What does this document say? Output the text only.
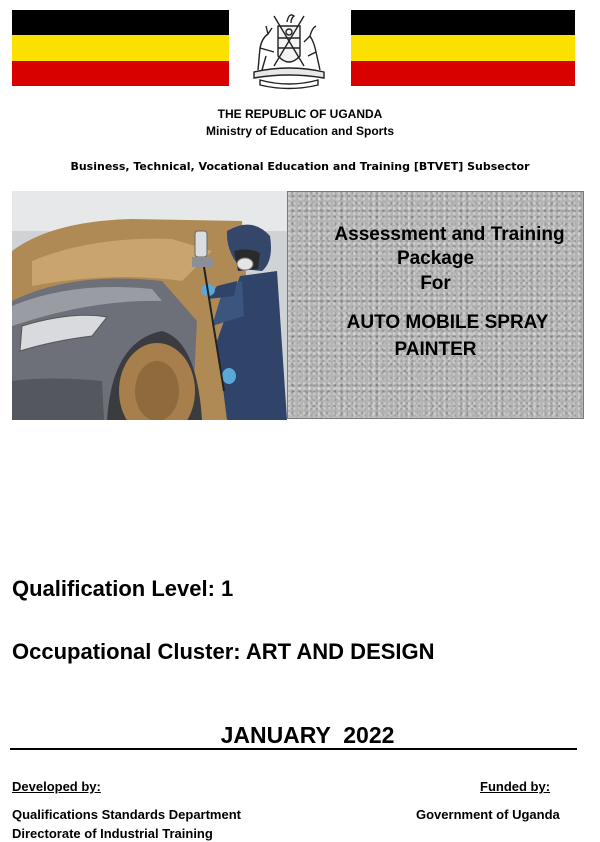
THE REPUBLIC OF UGANDA
Ministry of Education and Sports
Business, Technical, Vocational Education and Training [BTVET] Subsector
Assessment and Training
Package
For
AUTO MOBILE SPRAY
PAINTER
Qualification Level: 1
Occupational Cluster: ART AND DESIGN
JANUARY  2022
Developed by:	Funded by:
Qualifications Standards Department
Directorate of Industrial Training
Government of Uganda
